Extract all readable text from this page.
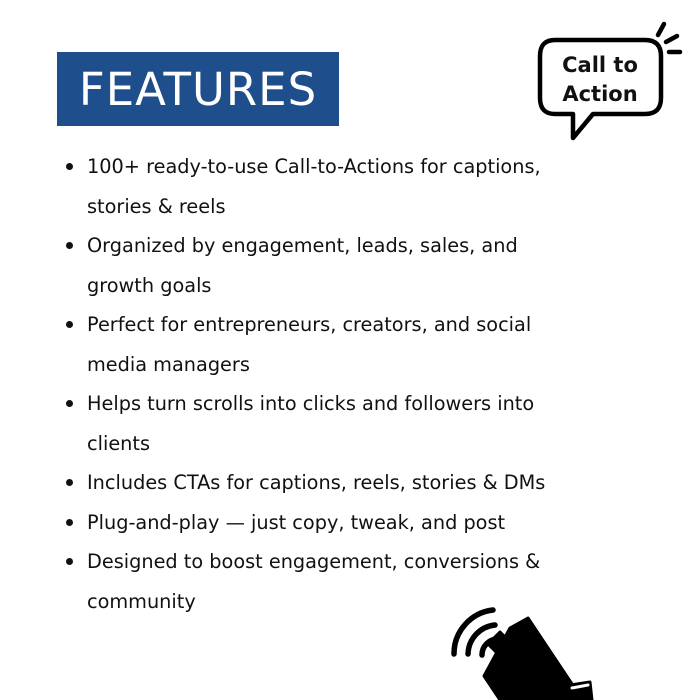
FEATURES	Call to
Action
100+ ready-to-use Call-to-Actions for captions, stories & reels
Organized by engagement, leads, sales, and growth goals
Perfect for entrepreneurs, creators, and social media managers
Helps turn scrolls into clicks and followers into clients
Includes CTAs for captions, reels, stories & DMs
Plug-and-play — just copy, tweak, and post
Designed to boost engagement, conversions & community
